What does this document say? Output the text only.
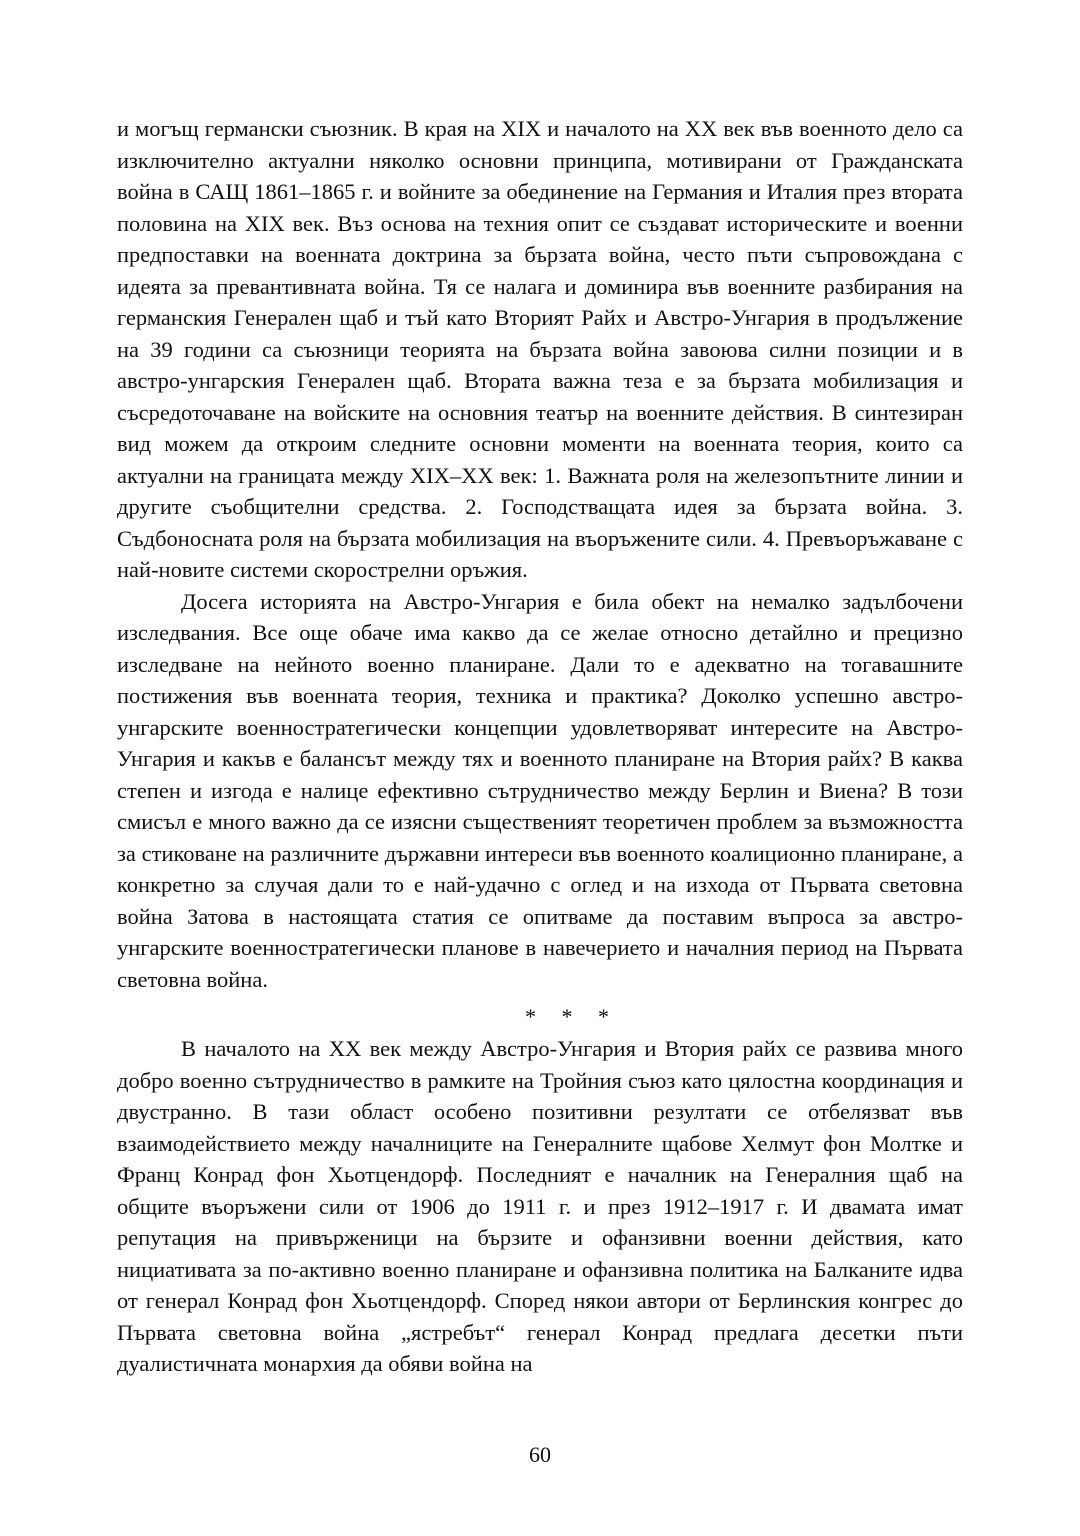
и могъщ германски съюзник. В края на XIX и началото на XX век във военното дело са изключително актуални няколко основни принципа, мотивирани от Гражданската война в САЩ 1861–1865 г. и войните за обединение на Германия и Италия през втората половина на XIX век. Въз основа на техния опит се създават историческите и военни предпоставки на военната доктрина за бързата война, често пъти съпровождана с идеята за превантивната война. Тя се налага и доминира във военните разбирания на германския Генерален щаб и тъй като Вторият Райх и Австро-Унгария в продължение на 39 години са съюзници теорията на бързата война завоюва силни позиции и в австро-унгарския Генерален щаб. Втората важна теза е за бързата мобилизация и съсредоточаване на войските на основния театър на военните действия. В синтезиран вид можем да откроим следните основни моменти на военната теория, които са актуални на границата между XIX–XX век: 1. Важната роля на железопътните линии и другите съобщителни средства. 2. Господстващата идея за бързата война. 3. Съдбоносната роля на бързата мобилизация на въоръжените сили. 4. Превъоръжаване с най-новите системи скорострелни оръжия.

Досега историята на Австро-Унгария е била обект на немалко задълбочени изследвания. Все още обаче има какво да се желае относно детайлно и прецизно изследване на нейното военно планиране. Дали то е адекватно на тогавашните постижения във военната теория, техника и практика? Доколко успешно австро-унгарските военностратегически концепции удовлетворяват интересите на Австро-Унгария и какъв е балансът между тях и военното планиране на Втория райх? В каква степен и изгода е налице ефективно сътрудничество между Берлин и Виена? В този смисъл е много важно да се изясни същественият теоретичен проблем за възможността за стиковане на различните държавни интереси във военното коалиционно планиране, а конкретно за случая дали то е най-удачно с оглед и на изхода от Първата световна война Затова в настоящата статия се опитваме да поставим въпроса за австро-унгарските военностратегически планове в навечерието и началния период на Първата световна война.

* * *

В началото на XX век между Австро-Унгария и Втория райх се развива много добро военно сътрудничество в рамките на Тройния съюз като цялостна координация и двустранно. В тази област особено позитивни резултати се отбелязват във взаимодействието между началниците на Генералните щабове Хелмут фон Молтке и Франц Конрад фон Хьотцендорф. Последният е началник на Генералния щаб на общите въоръжени сили от 1906 до 1911 г. и през 1912–1917 г. И двамата имат репутация на привърженици на бързите и офанзивни военни действия, като нициативата за по-активно военно планиране и офанзивна политика на Балканите идва от генерал Конрад фон Хьотцендорф. Според някои автори от Берлинския конгрес до Първата световна война „ястребът“ генерал Конрад предлага десетки пъти дуалистичната монархия да обяви война на

60
